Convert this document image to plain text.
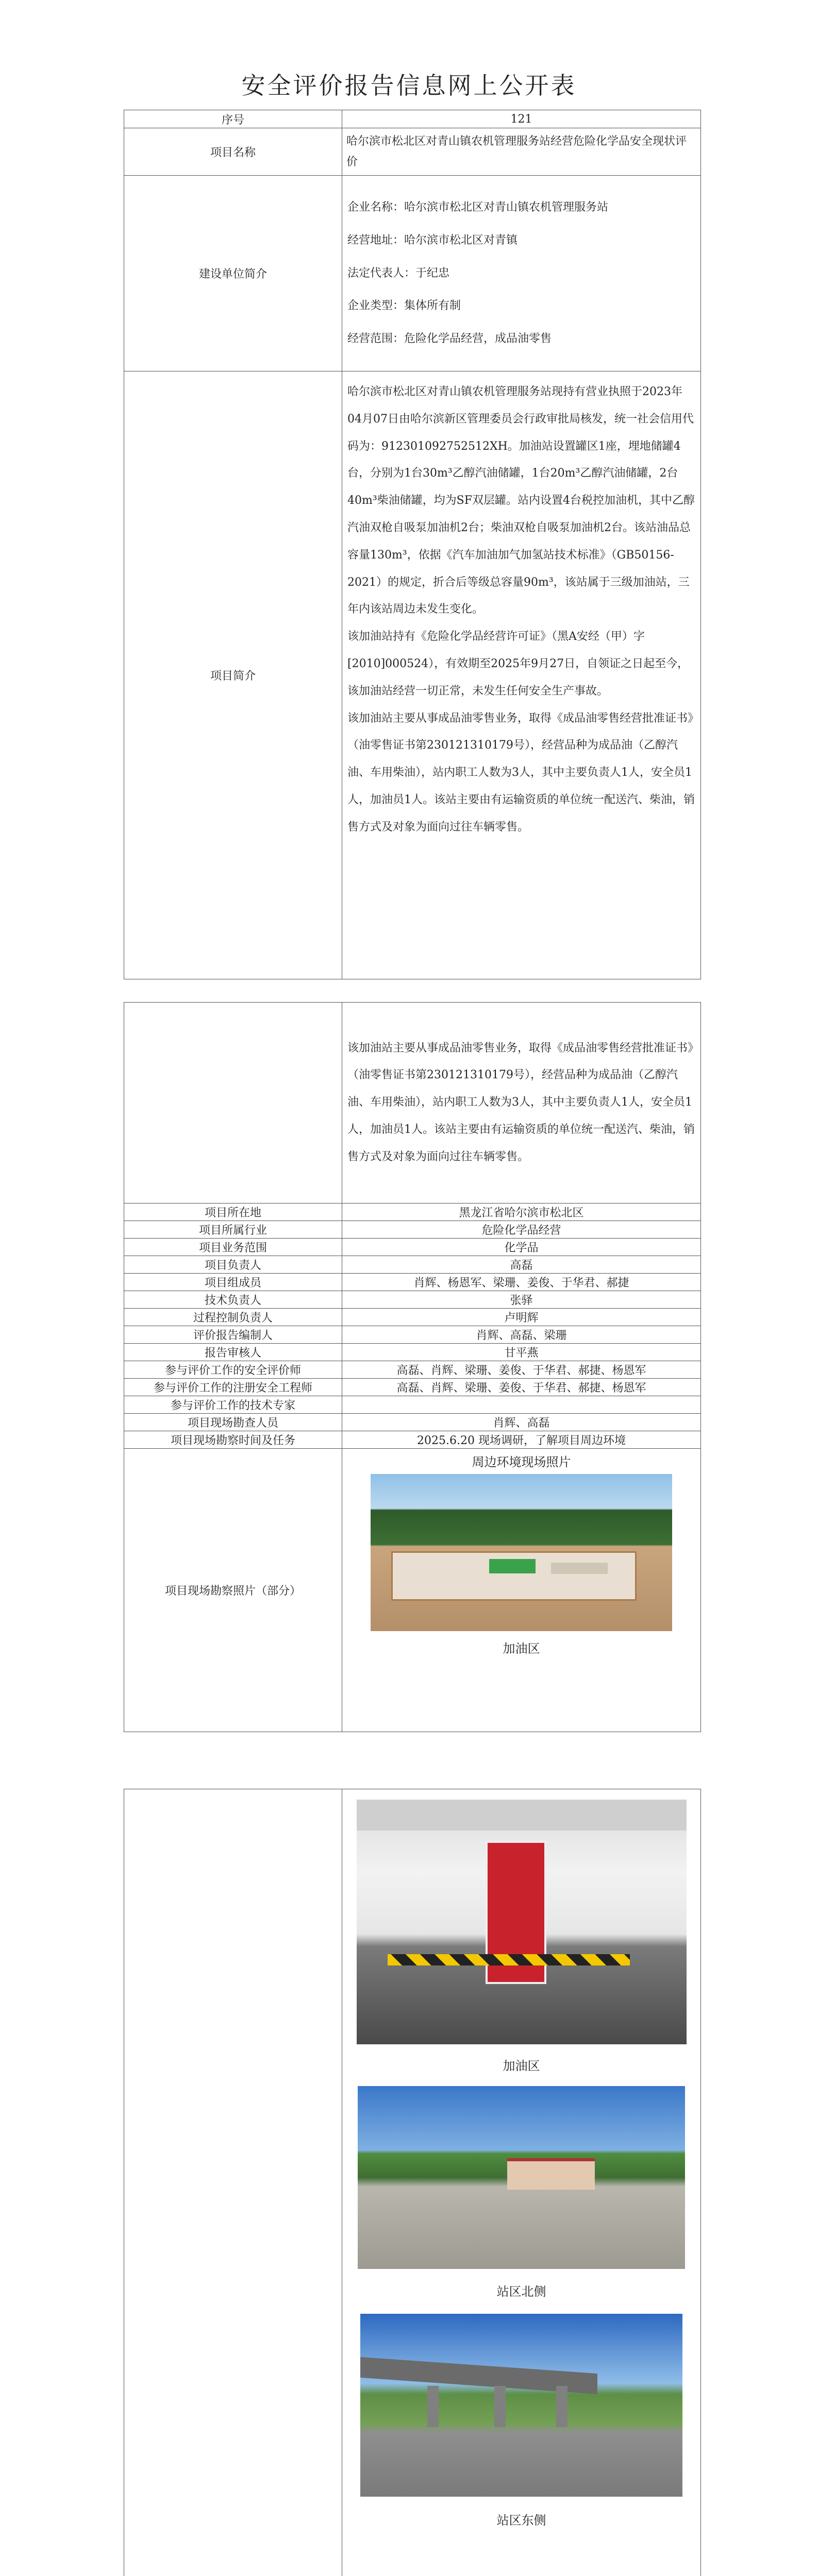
安全评价报告信息网上公开表
序号	121
项目名称	哈尔滨市松北区对青山镇农机管理服务站经营危险化学品安全现状评价
建设单位简介	企业名称：哈尔滨市松北区对青山镇农机管理服务站
经营地址：哈尔滨市松北区对青镇
法定代表人：于纪忠
企业类型：集体所有制
经营范围：危险化学品经营，成品油零售

项目简介	哈尔滨市松北区对青山镇农机管理服务站现持有营业执照于2023年04月07日由哈尔滨新区管理委员会行政审批局核发，统一社会信用代码为：912301092752512XH。加油站设置罐区1座，埋地储罐4台，分别为1台30m³乙醇汽油储罐，1台20m³乙醇汽油储罐，2台40m³柴油储罐，均为SF双层罐。站内设置4台税控加油机，其中乙醇汽油双枪自吸泵加油机2台；柴油双枪自吸泵加油机2台。该站油品总容量130m³，依据《汽车加油加气加氢站技术标准》（GB50156-2021）的规定，折合后等级总容量90m³，该站属于三级加油站，三年内该站周边未发生变化。
该加油站持有《危险化学品经营许可证》（黑A安经（甲）字[2010]000524），有效期至2025年9月27日，自领证之日起至今，该加油站经营一切正常，未发生任何安全生产事故。
该加油站主要从事成品油零售业务，取得《成品油零售经营批准证书》（油零售证书第230121310179号），经营品种为成品油（乙醇汽油、车用柴油），站内职工人数为3人，其中主要负责人1人，安全员1人，加油员1人。该站主要由有运输资质的单位统一配送汽、柴油，销售方式及对象为面向过往车辆零售。

	该加油站主要从事成品油零售业务，取得《成品油零售经营批准证书》（油零售证书第230121310179号），经营品种为成品油（乙醇汽油、车用柴油），站内职工人数为3人，其中主要负责人1人，安全员1人，加油员1人。该站主要由有运输资质的单位统一配送汽、柴油，销售方式及对象为面向过往车辆零售。

项目所在地	黑龙江省哈尔滨市松北区
项目所属行业	危险化学品经营
项目业务范围	化学品
项目负责人	高磊
项目组成员	肖辉、杨恩军、梁珊、姜俊、于华君、郝捷
技术负责人	张驿
过程控制负责人	卢明辉
评价报告编制人	肖辉、高磊、梁珊
报告审核人	甘平燕
参与评价工作的安全评价师	高磊、肖辉、梁珊、姜俊、于华君、郝捷、杨恩军
参与评价工作的注册安全工程师	高磊、肖辉、梁珊、姜俊、于华君、郝捷、杨恩军
参与评价工作的技术专家	
项目现场勘查人员	肖辉、高磊
项目现场勘察时间及任务	2025.6.20 现场调研，了解项目周边环境
项目现场勘察照片（部分）	周边环境现场照片
加油区

加油区
站区北侧
站区东侧
